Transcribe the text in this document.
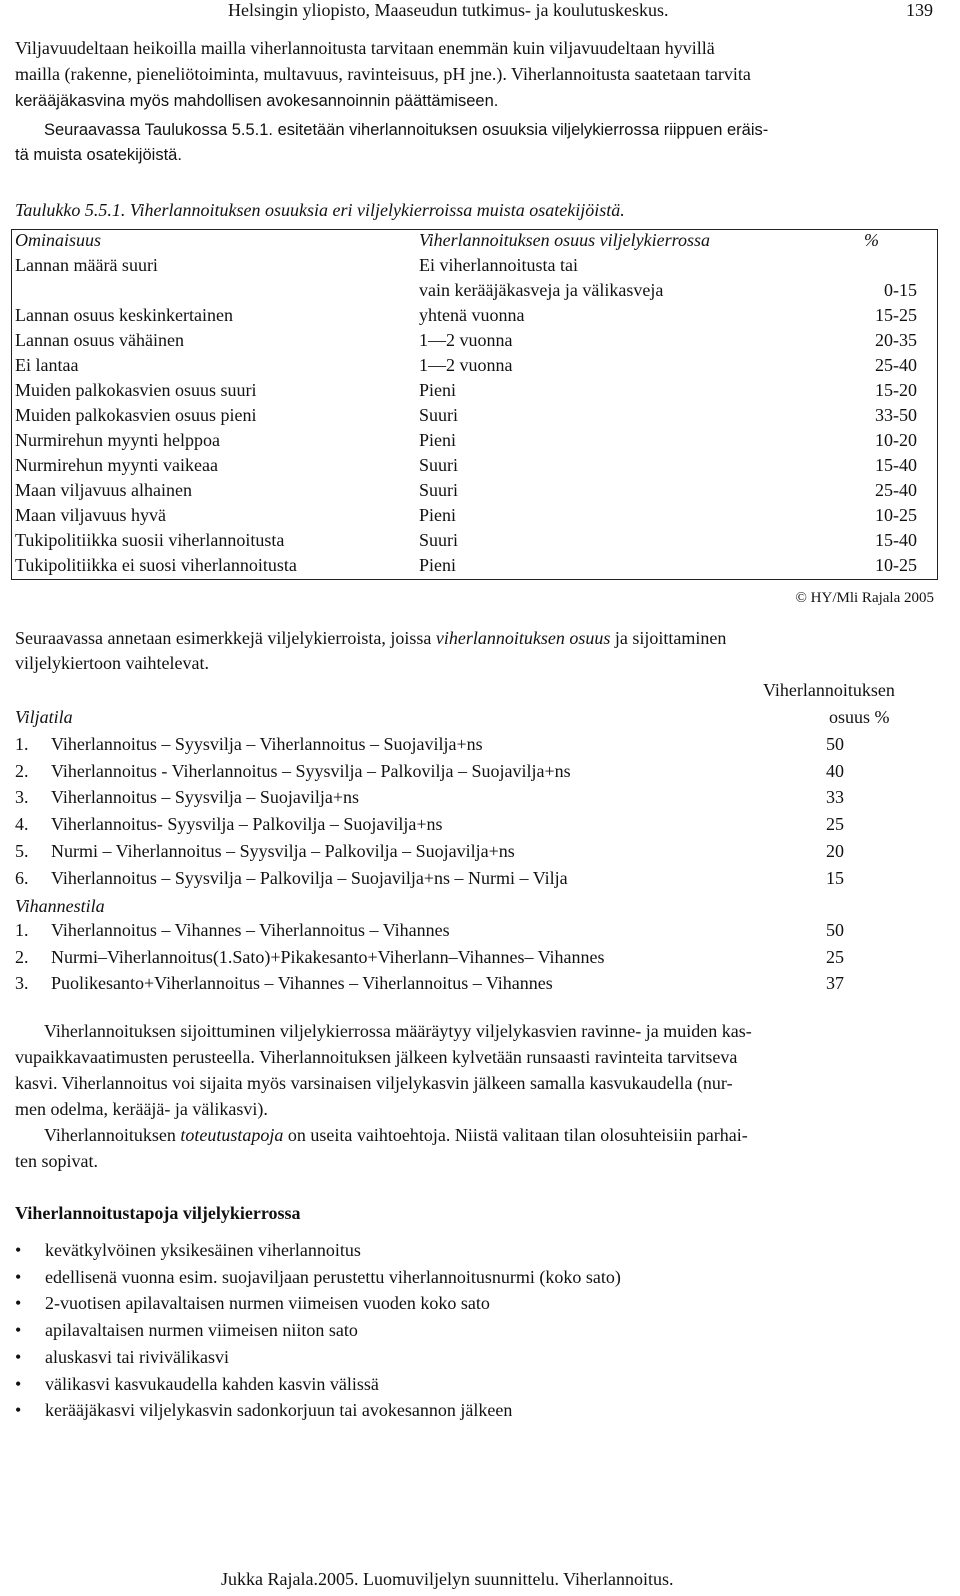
Helsingin yliopisto, Maaseudun tutkimus- ja koulutuskeskus.	139
Viljavuudeltaan heikoilla mailla viherlannoitusta tarvitaan enemmän kuin viljavuudeltaan hyvillä
mailla (rakenne, pieneliötoiminta, multavuus, ravinteisuus, pH jne.). Viherlannoitusta saatetaan tarvita
kerääjäkasvina myös mahdollisen avokesannoinnin päättämiseen.
Seuraavassa Taulukossa 5.5.1. esitetään viherlannoituksen osuuksia viljelykierrossa riippuen eräis-
tä muista osatekijöistä.
Taulukko 5.5.1. Viherlannoituksen osuuksia eri viljelykierroissa muista osatekijöistä.
Ominaisuus	Viherlannoituksen osuus viljelykierrossa	%
Lannan määrä suuri	Ei viherlannoitusta tai
vain kerääjäkasveja ja välikasveja	0-15
Lannan osuus keskinkertainen	yhtenä vuonna	15-25
Lannan osuus vähäinen	1—2 vuonna	20-35
Ei lantaa	1—2 vuonna	25-40
Muiden palkokasvien osuus suuri	Pieni	15-20
Muiden palkokasvien osuus pieni	Suuri	33-50
Nurmirehun myynti helppoa	Pieni	10-20
Nurmirehun myynti vaikeaa	Suuri	15-40
Maan viljavuus alhainen	Suuri	25-40
Maan viljavuus hyvä	Pieni	10-25
Tukipolitiikka suosii viherlannoitusta	Suuri	15-40
Tukipolitiikka ei suosi viherlannoitusta	Pieni	10-25
© HY/Mli Rajala 2005
Seuraavassa annetaan esimerkkejä viljelykierroista, joissa viherlannoituksen osuus ja sijoittaminen
viljelykiertoon vaihtelevat.
Viherlannoituksen
Viljatila	osuus %
1. Viherlannoitus – Syysvilja – Viherlannoitus – Suojavilja+ns	50
2. Viherlannoitus - Viherlannoitus – Syysvilja – Palkovilja – Suojavilja+ns	40
3. Viherlannoitus – Syysvilja – Suojavilja+ns	33
4. Viherlannoitus- Syysvilja – Palkovilja – Suojavilja+ns	25
5. Nurmi – Viherlannoitus – Syysvilja – Palkovilja – Suojavilja+ns	20
6. Viherlannoitus – Syysvilja – Palkovilja – Suojavilja+ns – Nurmi – Vilja	15
Vihannestila
1. Viherlannoitus – Vihannes – Viherlannoitus – Vihannes	50
2. Nurmi–Viherlannoitus(1.Sato)+Pikakesanto+Viherlann–Vihannes– Vihannes	25
3. Puolikesanto+Viherlannoitus – Vihannes – Viherlannoitus – Vihannes	37
Viherlannoituksen sijoittuminen viljelykierrossa määräytyy viljelykasvien ravinne- ja muiden kas-
vupaikkavaatimusten perusteella. Viherlannoituksen jälkeen kylvetään runsaasti ravinteita tarvitseva
kasvi. Viherlannoitus voi sijaita myös varsinaisen viljelykasvin jälkeen samalla kasvukaudella (nur-
men odelma, kerääjä- ja välikasvi).
Viherlannoituksen toteutustapoja on useita vaihtoehtoja. Niistä valitaan tilan olosuhteisiin parhai-
ten sopivat.
Viherlannoitustapoja viljelykierrossa
• kevätkylvöinen yksikesäinen viherlannoitus
• edellisenä vuonna esim. suojaviljaan perustettu viherlannoitusnurmi (koko sato)
• 2-vuotisen apilavaltaisen nurmen viimeisen vuoden koko sato
• apilavaltaisen nurmen viimeisen niiton sato
• aluskasvi tai rivivälikasvi
• välikasvi kasvukaudella kahden kasvin välissä
• kerääjäkasvi viljelykasvin sadonkorjuun tai avokesannon jälkeen
Jukka Rajala.2005. Luomuviljelyn suunnittelu. Viherlannoitus.
